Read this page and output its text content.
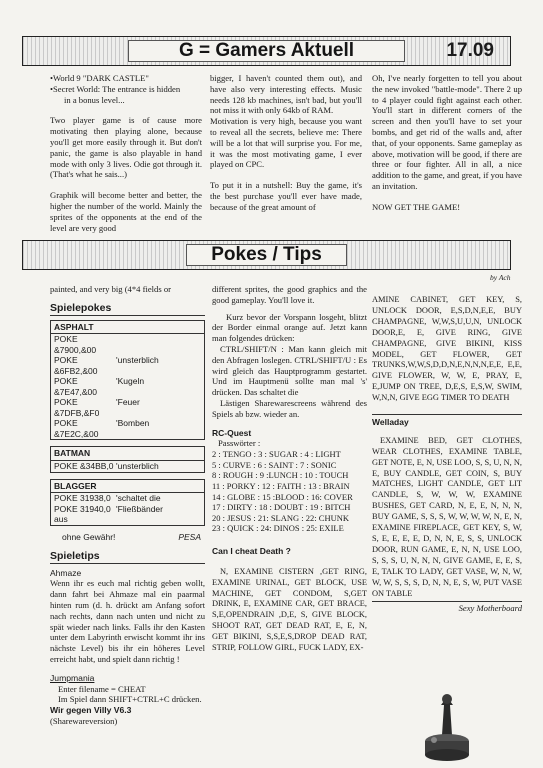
G = Gamers Aktuell	17.09
•World 9 "DARK CASTLE"
•Secret World: The entrance is hidden
in a bonus level...

Two player game is of cause more motivating then playing alone, because you'll get more easily through it. But don't panic, the game is also playable in hand mode with only 3 lives. Odie got through it. (That's what he sais...)

Graphik will become better and better, the higher the number of the world. Mainly the sprites of the opponents at the end of the level are very good

bigger, I haven't counted them out), and have also very interesting effects. Music needs 128 kb machines, isn't bad, but you'll not miss it with only 64kb of RAM.

Motivation is very high, because you want to reveal all the secrets, believe me: There will be a lot that will surprise you. For me, it was the most motivating game, I ever played on CPC.

To put it in a nutshell: Buy the game, it's the best purchase you'll ever have made, because of the great amount of

Oh, I've nearly forgetten to tell you about the new invoked "battle-mode". There 2 up to 4 player could fight against each other. You'll start in different corners of the screen and then you'll have to set your bombs, and get rid of the walls and, after that, of your opponents. Same gameplay as above, motivation will be good, if there are three or four fighter. All in all, a nice addition to the game, and great, if you have an invitation.

NOW GET THE GAME!

Pokes / Tips
by Ach

painted, and very big (4*4 fields or

Spielepokes
ASPHALT
POKE &7900,&00
POKE &6FB2,&00
'unsterblich
POKE &7E47,&00
'Kugeln
POKE &7DFB,&F0
'Feuer
POKE &7E2C,&00
'Bomben
BATMAN
POKE &34BB,0 'unsterblich
BLAGGER
POKE 31938,0 'schaltet die
POKE 31940,0 'Fließbänder
aus
ohne Gewähr!	PESA
Spieletips
Ahmaze

Wenn ihr es euch mal richtig geben wollt, dann fahrt bei Ahmaze mal ein paarmal hinten rum (d. h. drückt am Anfang sofort nach rechts, dann nach unten und nicht zu spät wieder nach links. Falls ihr den Kasten unter dem Labyrinth erwischt kommt ihr ins nächste Level) bis ihr ein höheres Level erreicht habt, und spielt dann richtig !

Jumpmania
Enter filename = CHEAT
Im Spiel dann SHIFT+CTRL+C drücken.
Wir gegen Villy V6.3
(Sharewareversion)

different sprites, the good graphics and the good gameplay. You'll love it.

Kurz bevor der Vorspann losgeht, blitzt der Border einmal orange auf. Jetzt kann man folgendes drücken:

CTRL/SHIFT/N : Man kann gleich mit den Abfragen loslegen. CTRL/SHIFT/U : Es wird gleich das Hauptprogramm gestartet. Und im Hauptmenü sollte man mal 's' drücken. Das schaltet die

Lästigen Sharewarescreens während des Spiels ab bzw. wieder an.

RC-Quest
Passwörter :
2 : TENGO : 3 : SUGAR : 4 : LIGHT
5 : CURVE : 6 : SAINT : 7 : SONIC
8 : ROUGH : 9 :LUNCH : 10 : TOUCH
11 : PORKY : 12 : FAITH : 13 : BRAIN
14 : GLOBE : 15 :BLOOD : 16: COVER
17 : DIRTY : 18 : DOUBT : 19 : BITCH
20 : JESUS : 21: SLANG : 22: CHUNK
23 : QUICK : 24: DINOS : 25: EXILE
Can I cheat Death ?

N, EXAMINE CISTERN ,GET RING, EXAMINE URINAL, GET BLOCK, USE MACHINE, GET CONDOM, S,GET DRINK, E, EXAMINE CAR, GET BRACE, S,E,OPENDRAIN ,D,E, S, GIVE BLOCK, SHOOT RAT, GET DEAD RAT, E, E, N, GET BIKINI, S,S,E,S,DROP DEAD RAT, STRIP, FOLLOW GIRL, FUCK LADY, EX-

AMINE CABINET, GET KEY, S, UNLOCK DOOR, E,S,D,N,E,E, BUY CHAMPAGNE, W,W,S,U,U,N, UNLOCK DOOR,E, E, GIVE RING, GIVE CHAMPAGNE, GIVE BIKINI, KISS MODEL, GET FLOWER, GET TRUNKS,W,W,S,D,D,N,E,N,N,N,E,E, E,E, GIVE FLOWER, W, W, E, PRAY, E, E,JUMP ON TREE, D,E,S, E,S,W, SWIM, W,N,N, GIVE EGG TIMER TO DEATH

Welladay

EXAMINE BED, GET CLOTHES, WEAR CLOTHES, EXAMINE TABLE, GET NOTE, E, N, USE LOO, S, S, U, N, N, E, BUY CANDLE, GET COIN, S, BUY MATCHES, LIGHT CANDLE, GET LIT CANDLE, S, W, W, W, EXAMINE BUSHES, GET CARD, N, E, E, N, N, N, BUY GAME, S, S, S, W, W, W, W, N, E, N, EXAMINE FIREPLACE, GET KEY, S, W, S, E, E, E, E, D, N, N, E, S, S, UNLOCK DOOR, RUN GAME, E, N, N, USE LOO, S, S, S, U, N, N, N, GIVE GAME, E, E, S, E, TALK TO LADY, GET VASE, W, N, W, W, W, S, S, S, D, N, N, E, S, W, PUT VASE ON TABLE

Sexy Motherboard
